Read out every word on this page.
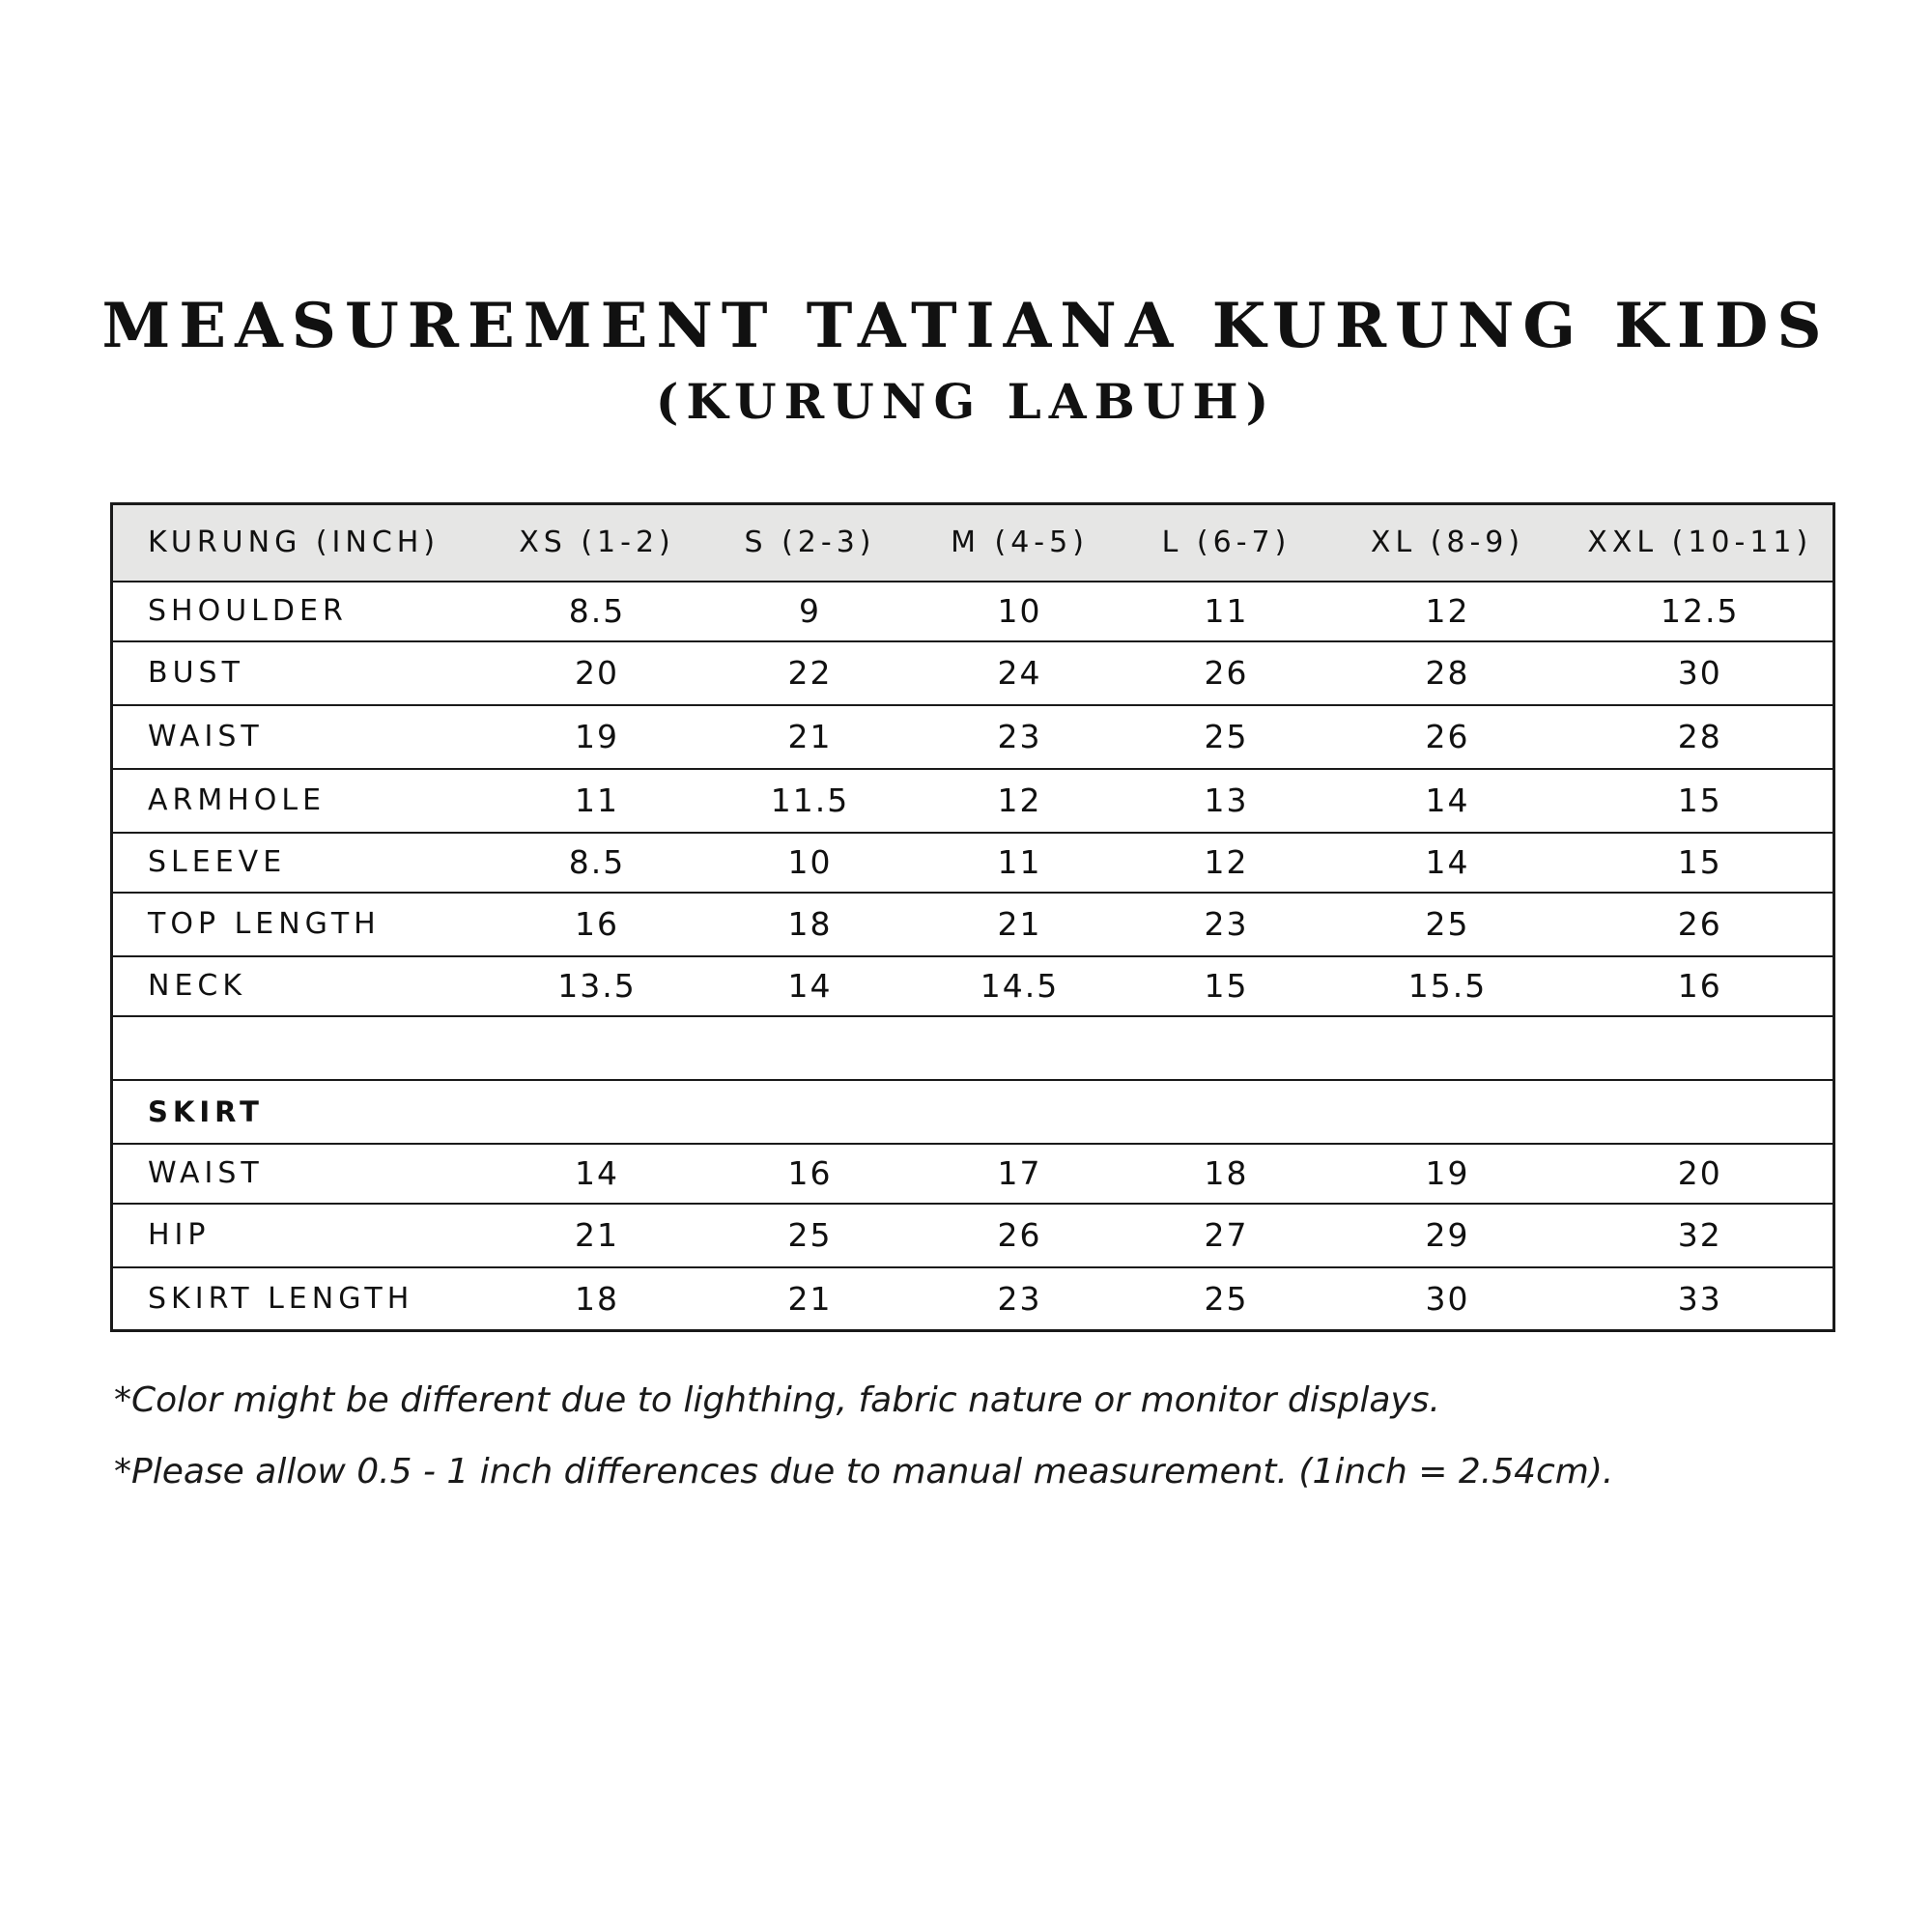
MEASUREMENT TATIANA KURUNG KIDS
(KURUNG LABUH)
KURUNG (INCH)	XS (1-2)	S (2-3)	M (4-5)	L (6-7)	XL (8-9)	XXL (10-11)
SHOULDER	8.5	9	10	11	12	12.5
BUST	20	22	24	26	28	30
WAIST	19	21	23	25	26	28
ARMHOLE	11	11.5	12	13	14	15
SLEEVE	8.5	10	11	12	14	15
TOP LENGTH	16	18	21	23	25	26
NECK	13.5	14	14.5	15	15.5	16

SKIRT						
WAIST	14	16	17	18	19	20
HIP	21	25	26	27	29	32
SKIRT LENGTH	18	21	23	25	30	33

*Color might be different due to lighthing, fabric nature or monitor displays.

*Please allow 0.5 - 1 inch differences due to manual measurement. (1inch = 2.54cm).
